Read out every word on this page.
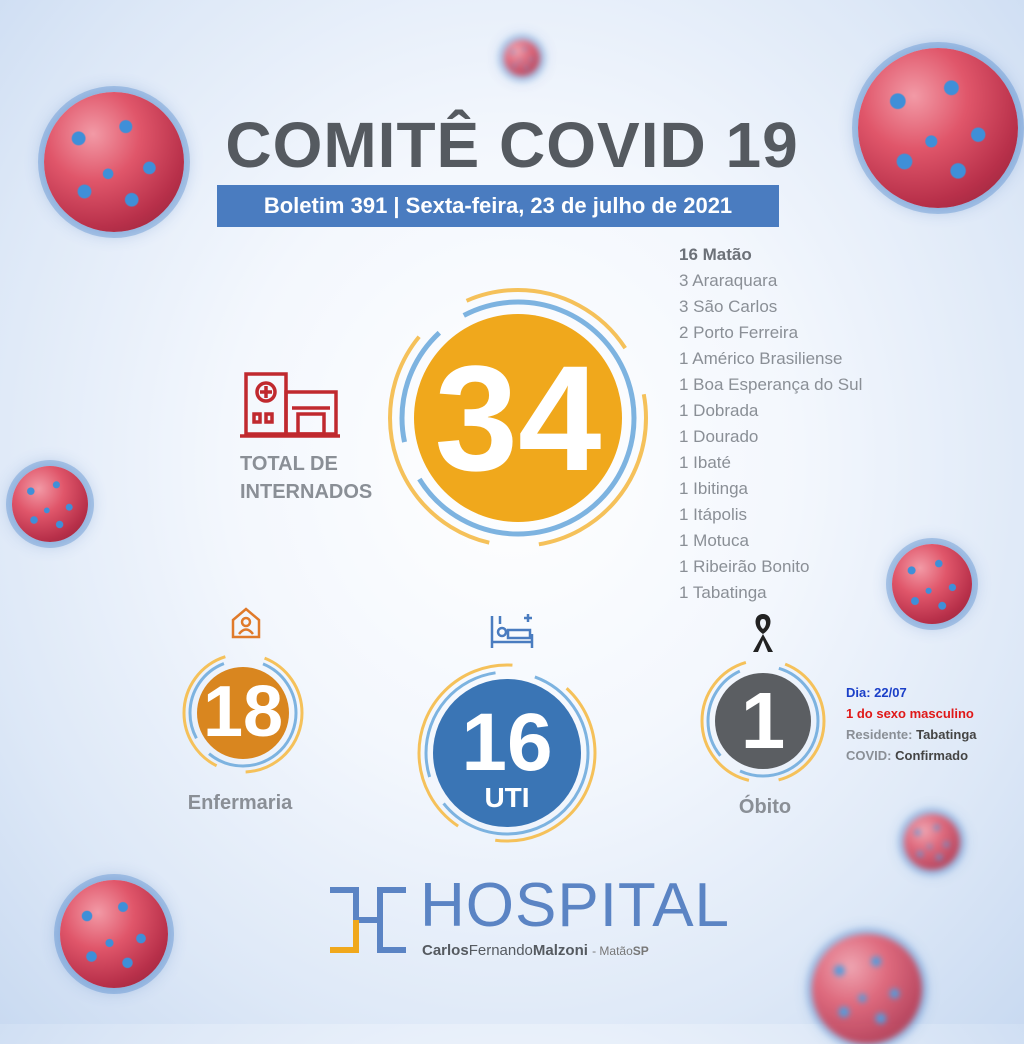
COMITÊ COVID 19
Boletim 391 | Sexta-feira, 23 de julho de 2021
TOTAL DE
INTERNADOS 34
16 Matão
3 Araraquara
3 São Carlos
2 Porto Ferreira
1 Américo Brasiliense
1 Boa Esperança do Sul
1 Dobrada
1 Dourado
1 Ibaté
1 Ibitinga
1 Itápolis
1 Motuca
1 Ribeirão Bonito
1 Tabatinga
18
Enfermaria
16
UTI
1
Óbito
Dia: 22/07
1 do sexo masculino
Residente: Tabatinga
COVID: Confirmado
HOSPITAL
CarlosFernandoMalzoni - MatãoSP
